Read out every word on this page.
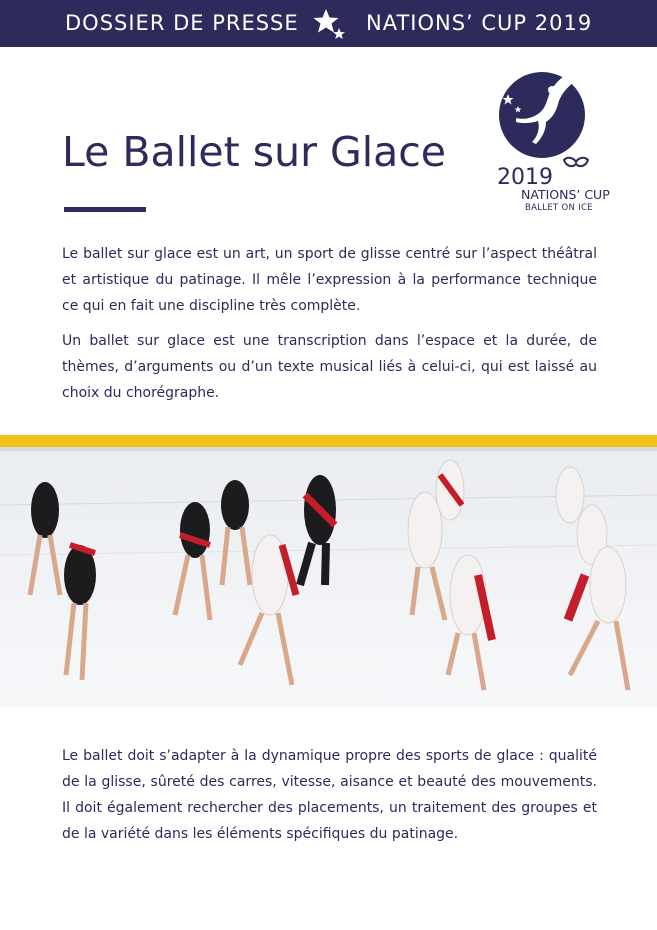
DOSSIER DE PRESSE	NATIONS’ CUP 2019
Le Ballet sur Glace
2019
NATIONS’ CUP
BALLET ON ICE

Le ballet sur glace est un art, un sport de glisse centré sur l’aspect théâtral et artistique du patinage. Il mêle l’expression à la performance technique ce qui en fait une discipline très complète.

Un ballet sur glace est une transcription dans l’espace et la durée, de thèmes, d’arguments ou d’un texte musical liés à celui-ci, qui est laissé au choix du chorégraphe.

Le ballet doit s’adapter à la dynamique propre des sports de glace : qualité de la glisse, sûreté des carres, vitesse, aisance et beauté des mouvements. Il doit également rechercher des placements, un traitement des groupes et de la variété dans les éléments spécifiques du patinage.
